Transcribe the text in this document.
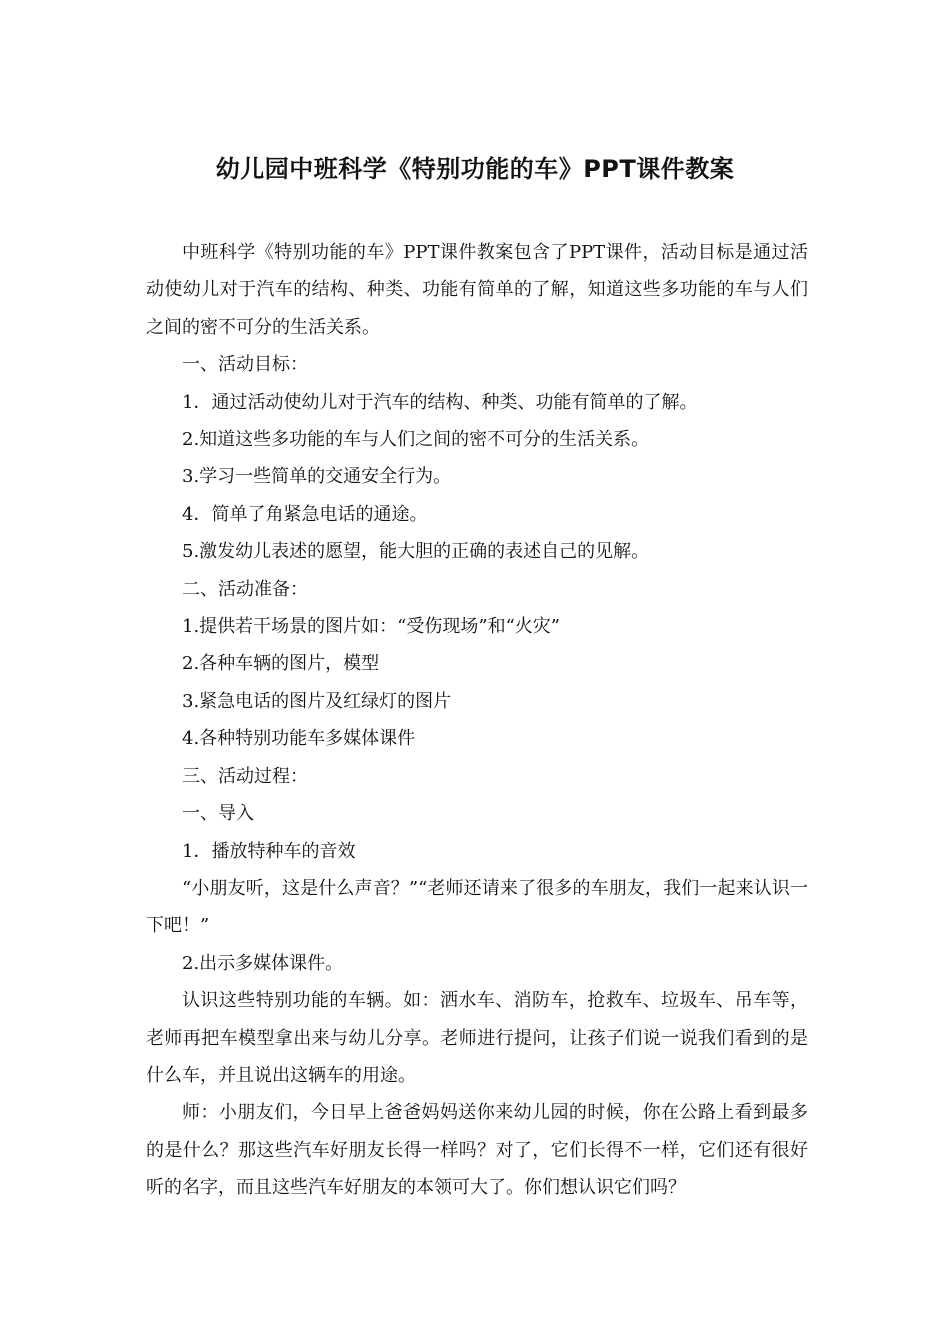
幼儿园中班科学《特别功能的车》PPT课件教案

中班科学《特别功能的车》PPT课件教案包含了PPT课件，活动目标是通过活动使幼儿对于汽车的结构、种类、功能有简单的了解，知道这些多功能的车与人们之间的密不可分的生活关系。

一、活动目标：

1．通过活动使幼儿对于汽车的结构、种类、功能有简单的了解。

2.知道这些多功能的车与人们之间的密不可分的生活关系。

3.学习一些简单的交通安全行为。

4．简单了角紧急电话的通途。

5.激发幼儿表述的愿望，能大胆的正确的表述自己的见解。

二、活动准备：

1.提供若干场景的图片如：“受伤现场”和“火灾”

2.各种车辆的图片，模型

3.紧急电话的图片及红绿灯的图片

4.各种特别功能车多媒体课件

三、活动过程：

一、导入

1．播放特种车的音效

“小朋友听，这是什么声音？”“老师还请来了很多的车朋友，我们一起来认识一下吧！”

2.出示多媒体课件。

认识这些特别功能的车辆。如：洒水车、消防车，抢救车、垃圾车、吊车等，老师再把车模型拿出来与幼儿分享。老师进行提问，让孩子们说一说我们看到的是什么车，并且说出这辆车的用途。

师：小朋友们，今日早上爸爸妈妈送你来幼儿园的时候，你在公路上看到最多的是什么？那这些汽车好朋友长得一样吗？对了，它们长得不一样，它们还有很好听的名字，而且这些汽车好朋友的本领可大了。你们想认识它们吗？
